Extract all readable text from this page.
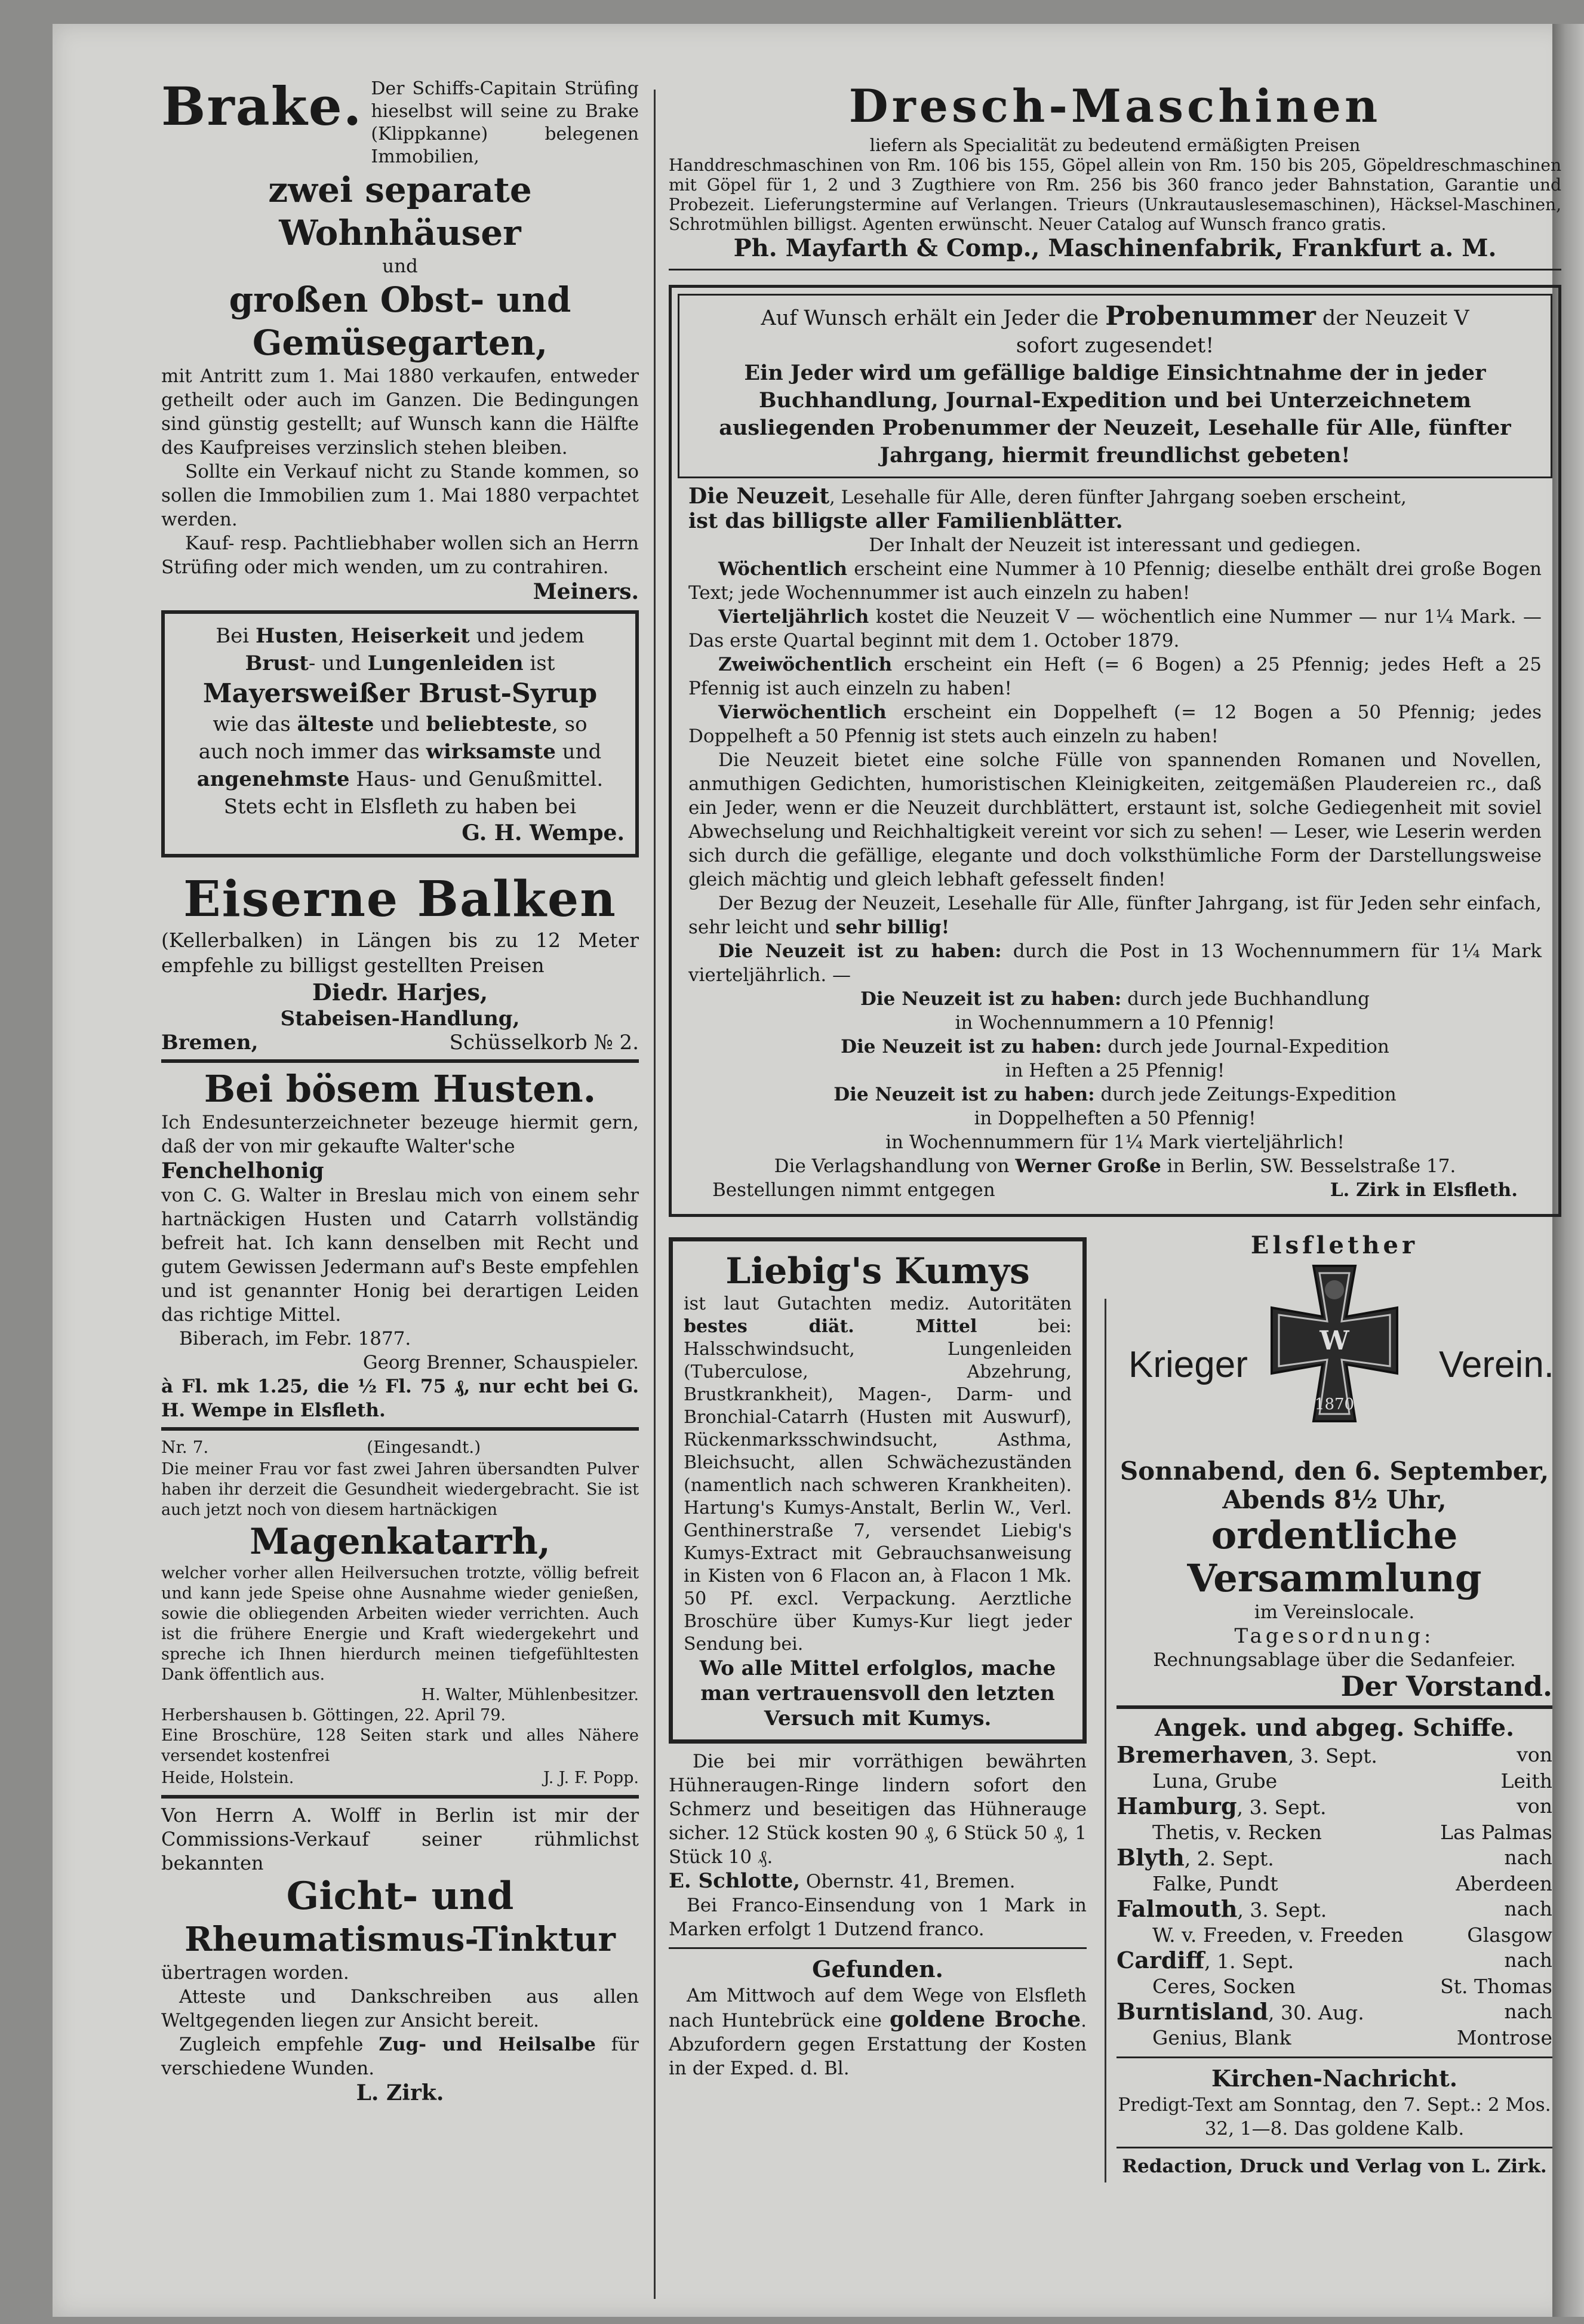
Brake. Der Schiffs-Capitain Strüfing hieselbst will seine zu Brake (Klippkanne) belegenen Immobilien,

zwei separate Wohnhäuser
und
großen Obst- und Gemüsegarten,

mit Antritt zum 1. Mai 1880 verkaufen, entweder getheilt oder auch im Ganzen. Die Bedingungen sind günstig gestellt; auf Wunsch kann die Hälfte des Kaufpreises verzinslich stehen bleiben.

Sollte ein Verkauf nicht zu Stande kommen, so sollen die Immobilien zum 1. Mai 1880 verpachtet werden.

Kauf- resp. Pachtliebhaber wollen sich an Herrn Strüfing oder mich wenden, um zu contrahiren.

Meiners.
Bei Husten, Heiserkeit und jedem
Brust- und Lungenleiden ist
Mayersweißer Brust-Syrup
wie das älteste und beliebteste, so
auch noch immer das wirksamste und
angenehmste Haus- und Genußmittel.
Stets echt in Elsfleth zu haben bei
G. H. Wempe.
Eiserne Balken

(Kellerbalken) in Längen bis zu 12 Meter empfehle zu billigst gestellten Preisen

Diedr. Harjes,
Stabeisen-Handlung,
Bremen,	Schüsselkorb № 2.
Bei bösem Husten.

Ich Endesunterzeichneter bezeuge hiermit gern, daß der von mir gekaufte Walter'sche

Fenchelhonig

von C. G. Walter in Breslau mich von einem sehr hartnäckigen Husten und Catarrh vollständig befreit hat. Ich kann denselben mit Recht und gutem Gewissen Jedermann auf's Beste empfehlen und ist genannter Honig bei derartigen Leiden das richtige Mittel.

Biberach, im Febr. 1877.

Georg Brenner, Schauspieler.

à Fl. mk 1.25, die ½ Fl. 75 ₰, nur echt bei G. H. Wempe in Elsfleth.

Nr. 7.	(Eingesandt.)

Die meiner Frau vor fast zwei Jahren übersandten Pulver haben ihr derzeit die Gesundheit wiedergebracht. Sie ist auch jetzt noch von diesem hartnäckigen

Magenkatarrh,

welcher vorher allen Heilversuchen trotzte, völlig befreit und kann jede Speise ohne Ausnahme wieder genießen, sowie die obliegenden Arbeiten wieder verrichten. Auch ist die frühere Energie und Kraft wiedergekehrt und spreche ich Ihnen hierdurch meinen tiefgefühltesten Dank öffentlich aus.

H. Walter, Mühlenbesitzer.

Herbershausen b. Göttingen, 22. April 79.

Eine Broschüre, 128 Seiten stark und alles Nähere versendet kostenfrei

Heide, Holstein.	J. J. F. Popp.

Von Herrn A. Wolff in Berlin ist mir der Commissions-Verkauf seiner rühmlichst bekannten

Gicht- und
Rheumatismus-Tinktur

übertragen worden.

Atteste und Dankschreiben aus allen Weltgegenden liegen zur Ansicht bereit.

Zugleich empfehle Zug- und Heilsalbe für verschiedene Wunden.

L. Zirk.
Dresch-Maschinen

liefern als Specialität zu bedeutend ermäßigten Preisen

Handdreschmaschinen von Rm. 106 bis 155, Göpel allein von Rm. 150 bis 205, Göpeldreschmaschinen mit Göpel für 1, 2 und 3 Zugthiere von Rm. 256 bis 360 franco jeder Bahnstation, Garantie und Probezeit. Lieferungstermine auf Verlangen. Trieurs (Unkrautauslesemaschinen), Häcksel-Maschinen, Schrotmühlen billigst. Agenten erwünscht. Neuer Catalog auf Wunsch franco gratis.

Ph. Mayfarth & Comp., Maschinenfabrik, Frankfurt a. M.

Auf Wunsch erhält ein Jeder die Probenummer der Neuzeit V

sofort zugesendet!

Ein Jeder wird um gefällige baldige Einsichtnahme der in jeder Buchhandlung, Journal-Expedition und bei Unterzeichnetem ausliegenden Probenummer der Neuzeit, Lesehalle für Alle, fünfter Jahrgang, hiermit freundlichst gebeten!

Die Neuzeit, Lesehalle für Alle, deren fünfter Jahrgang soeben erscheint,

ist das billigste aller Familienblätter.

Der Inhalt der Neuzeit ist interessant und gediegen.

Wöchentlich erscheint eine Nummer à 10 Pfennig; dieselbe enthält drei große Bogen Text; jede Wochennummer ist auch einzeln zu haben!

Vierteljährlich kostet die Neuzeit V — wöchentlich eine Nummer — nur 1¼ Mark. — Das erste Quartal beginnt mit dem 1. October 1879.

Zweiwöchentlich erscheint ein Heft (= 6 Bogen) a 25 Pfennig; jedes Heft a 25 Pfennig ist auch einzeln zu haben!

Vierwöchentlich erscheint ein Doppelheft (= 12 Bogen a 50 Pfennig; jedes Doppelheft a 50 Pfennig ist stets auch einzeln zu haben!

Die Neuzeit bietet eine solche Fülle von spannenden Romanen und Novellen, anmuthigen Gedichten, humoristischen Kleinigkeiten, zeitgemäßen Plaudereien rc., daß ein Jeder, wenn er die Neuzeit durchblättert, erstaunt ist, solche Gediegenheit mit soviel Abwechselung und Reichhaltigkeit vereint vor sich zu sehen! — Leser, wie Leserin werden sich durch die gefällige, elegante und doch volksthümliche Form der Darstellungsweise gleich mächtig und gleich lebhaft gefesselt finden!

Der Bezug der Neuzeit, Lesehalle für Alle, fünfter Jahrgang, ist für Jeden sehr einfach, sehr leicht und sehr billig!

Die Neuzeit ist zu haben: durch die Post in 13 Wochennummern für 1¼ Mark vierteljährlich. —

Die Neuzeit ist zu haben: durch jede Buchhandlung

in Wochennummern a 10 Pfennig!

Die Neuzeit ist zu haben: durch jede Journal-Expedition

in Heften a 25 Pfennig!

Die Neuzeit ist zu haben: durch jede Zeitungs-Expedition

in Doppelheften a 50 Pfennig!

in Wochennummern für 1¼ Mark vierteljährlich!

Die Verlagshandlung von Werner Große in Berlin, SW. Besselstraße 17.

Bestellungen nimmt entgegen	L. Zirk in Elsfleth.
Liebig's Kumys

ist laut Gutachten mediz. Autoritäten bestes diät. Mittel bei: Halsschwindsucht, Lungenleiden (Tuberculose, Abzehrung, Brustkrankheit), Magen-, Darm- und Bronchial-Catarrh (Husten mit Auswurf), Rückenmarksschwindsucht, Asthma, Bleichsucht, allen Schwächezuständen (namentlich nach schweren Krankheiten). Hartung's Kumys-Anstalt, Berlin W., Verl. Genthinerstraße 7, versendet Liebig's Kumys-Extract mit Gebrauchsanweisung in Kisten von 6 Flacon an, à Flacon 1 Mk. 50 Pf. excl. Verpackung. Aerztliche Broschüre über Kumys-Kur liegt jeder Sendung bei.

Wo alle Mittel erfolglos, mache man vertrauensvoll den letzten Versuch mit Kumys.

Die bei mir vorräthigen bewährten Hühneraugen-Ringe lindern sofort den Schmerz und beseitigen das Hühnerauge sicher. 12 Stück kosten 90 ₰, 6 Stück 50 ₰, 1 Stück 10 ₰.

E. Schlotte, Obernstr. 41, Bremen.

Bei Franco-Einsendung von 1 Mark in Marken erfolgt 1 Dutzend franco.

Gefunden.

Am Mittwoch auf dem Wege von Elsfleth nach Huntebrück eine goldene Broche. Abzufordern gegen Erstattung der Kosten in der Exped. d. Bl.

Elsflether
Krieger
W
1870
Verein.
Sonnabend, den 6. September,
Abends 8½ Uhr,
ordentliche Versammlung
im Vereinslocale.
Tagesordnung:
Rechnungsablage über die Sedanfeier.
Der Vorstand.
Angek. und abgeg. Schiffe.
Bremerhaven, 3. Sept.	von
Luna, Grube	Leith
Hamburg, 3. Sept.	von
Thetis, v. Recken	Las Palmas
Blyth, 2. Sept.	nach
Falke, Pundt	Aberdeen
Falmouth, 3. Sept.	nach
W. v. Freeden, v. Freeden	Glasgow
Cardiff, 1. Sept.	nach
Ceres, Socken	St. Thomas
Burntisland, 30. Aug.	nach
Genius, Blank	Montrose
Kirchen-Nachricht.

Predigt-Text am Sonntag, den 7. Sept.: 2 Mos. 32, 1—8. Das goldene Kalb.

Redaction, Druck und Verlag von L. Zirk.
